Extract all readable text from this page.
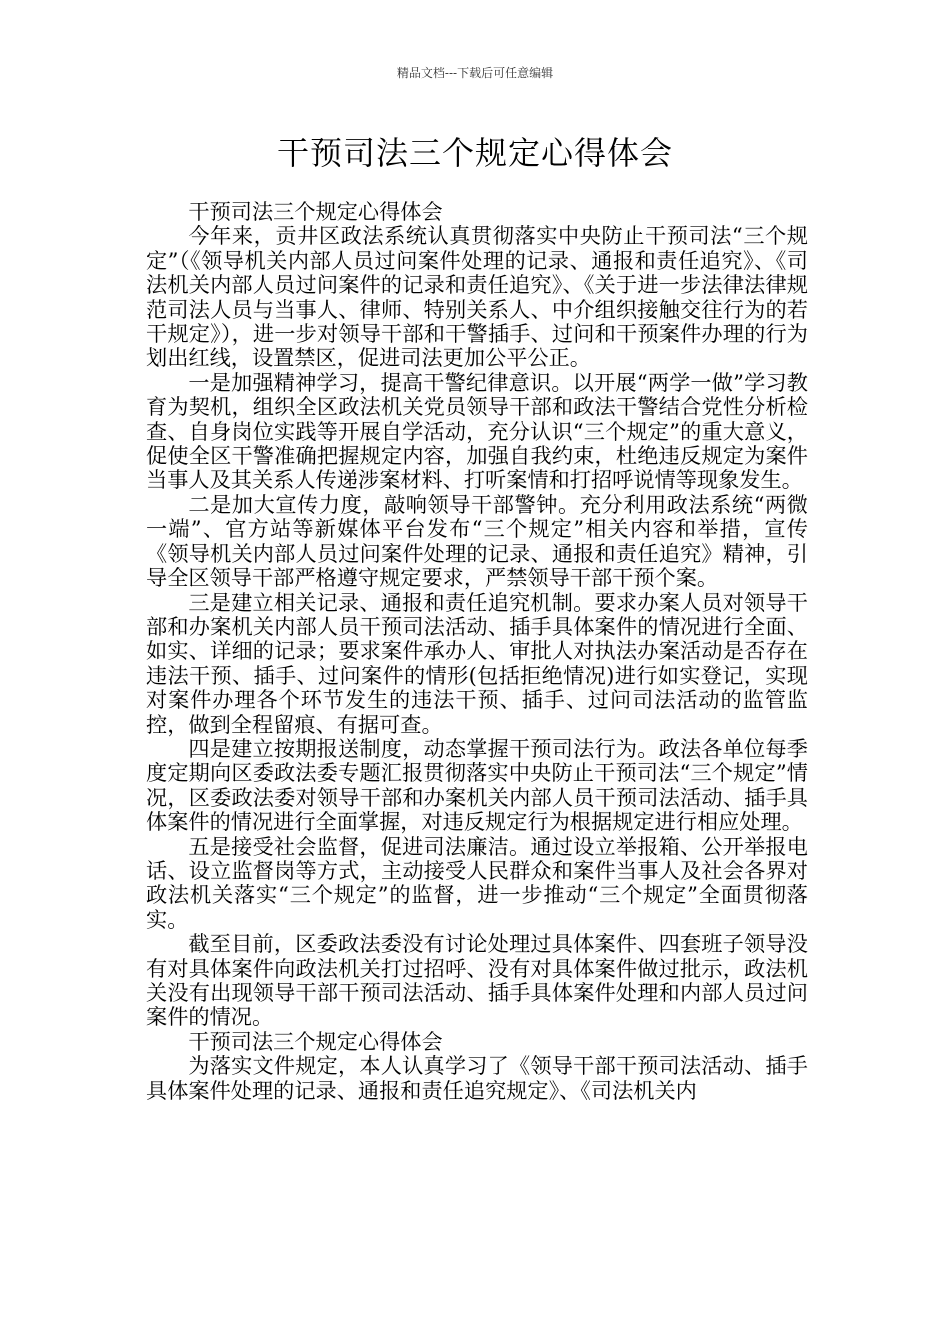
精品文档---下载后可任意编辑
干预司法三个规定心得体会

干预司法三个规定心得体会

今年来，贡井区政法系统认真贯彻落实中央防止干预司法“三个规定”（《领导机关内部人员过问案件处理的记录、通报和责任追究》、《司法机关内部人员过问案件的记录和责任追究》、《关于进一步法律法律规范司法人员与当事人、律师、特别关系人、中介组织接触交往行为的若干规定》），进一步对领导干部和干警插手、过问和干预案件办理的行为划出红线，设置禁区，促进司法更加公平公正。

一是加强精神学习，提高干警纪律意识。以开展“两学一做”学习教育为契机，组织全区政法机关党员领导干部和政法干警结合党性分析检查、自身岗位实践等开展自学活动，充分认识“三个规定”的重大意义，促使全区干警准确把握规定内容，加强自我约束，杜绝违反规定为案件当事人及其关系人传递涉案材料、打听案情和打招呼说情等现象发生。

二是加大宣传力度，敲响领导干部警钟。充分利用政法系统“两微一端”、官方站等新媒体平台发布“三个规定”相关内容和举措，宣传《领导机关内部人员过问案件处理的记录、通报和责任追究》精神，引导全区领导干部严格遵守规定要求，严禁领导干部干预个案。

三是建立相关记录、通报和责任追究机制。要求办案人员对领导干部和办案机关内部人员干预司法活动、插手具体案件的情况进行全面、如实、详细的记录；要求案件承办人、审批人对执法办案活动是否存在违法干预、插手、过问案件的情形(包括拒绝情况)进行如实登记，实现对案件办理各个环节发生的违法干预、插手、过问司法活动的监管监控，做到全程留痕、有据可查。

四是建立按期报送制度，动态掌握干预司法行为。政法各单位每季度定期向区委政法委专题汇报贯彻落实中央防止干预司法“三个规定”情况，区委政法委对领导干部和办案机关内部人员干预司法活动、插手具体案件的情况进行全面掌握，对违反规定行为根据规定进行相应处理。

五是接受社会监督，促进司法廉洁。通过设立举报箱、公开举报电话、设立监督岗等方式，主动接受人民群众和案件当事人及社会各界对政法机关落实“三个规定”的监督，进一步推动“三个规定”全面贯彻落实。

截至目前，区委政法委没有讨论处理过具体案件、四套班子领导没有对具体案件向政法机关打过招呼、没有对具体案件做过批示，政法机关没有出现领导干部干预司法活动、插手具体案件处理和内部人员过问案件的情况。

干预司法三个规定心得体会

为落实文件规定，本人认真学习了《领导干部干预司法活动、插手具体案件处理的记录、通报和责任追究规定》、《司法机关内
